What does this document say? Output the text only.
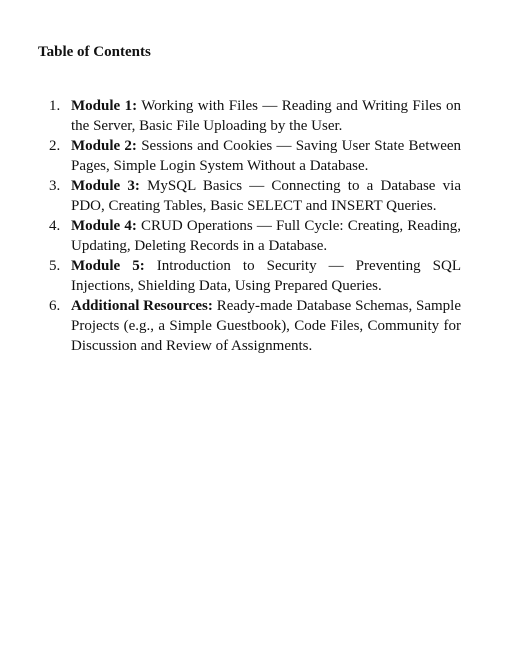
Table of Contents
1. Module 1: Working with Files — Reading and Writing Files on the Server, Basic File Uploading by the User.
2. Module 2: Sessions and Cookies — Saving User State Between Pages, Simple Login System Without a Database.
3. Module 3: MySQL Basics — Connecting to a Database via PDO, Creating Tables, Basic SELECT and INSERT Queries.
4. Module 4: CRUD Operations — Full Cycle: Creating, Reading, Updating, Deleting Records in a Database.
5. Module 5: Introduction to Security — Preventing SQL Injections, Shielding Data, Using Prepared Queries.
6. Additional Resources: Ready-made Database Schemas, Sample Projects (e.g., a Simple Guestbook), Code Files, Community for Discussion and Review of Assignments.
